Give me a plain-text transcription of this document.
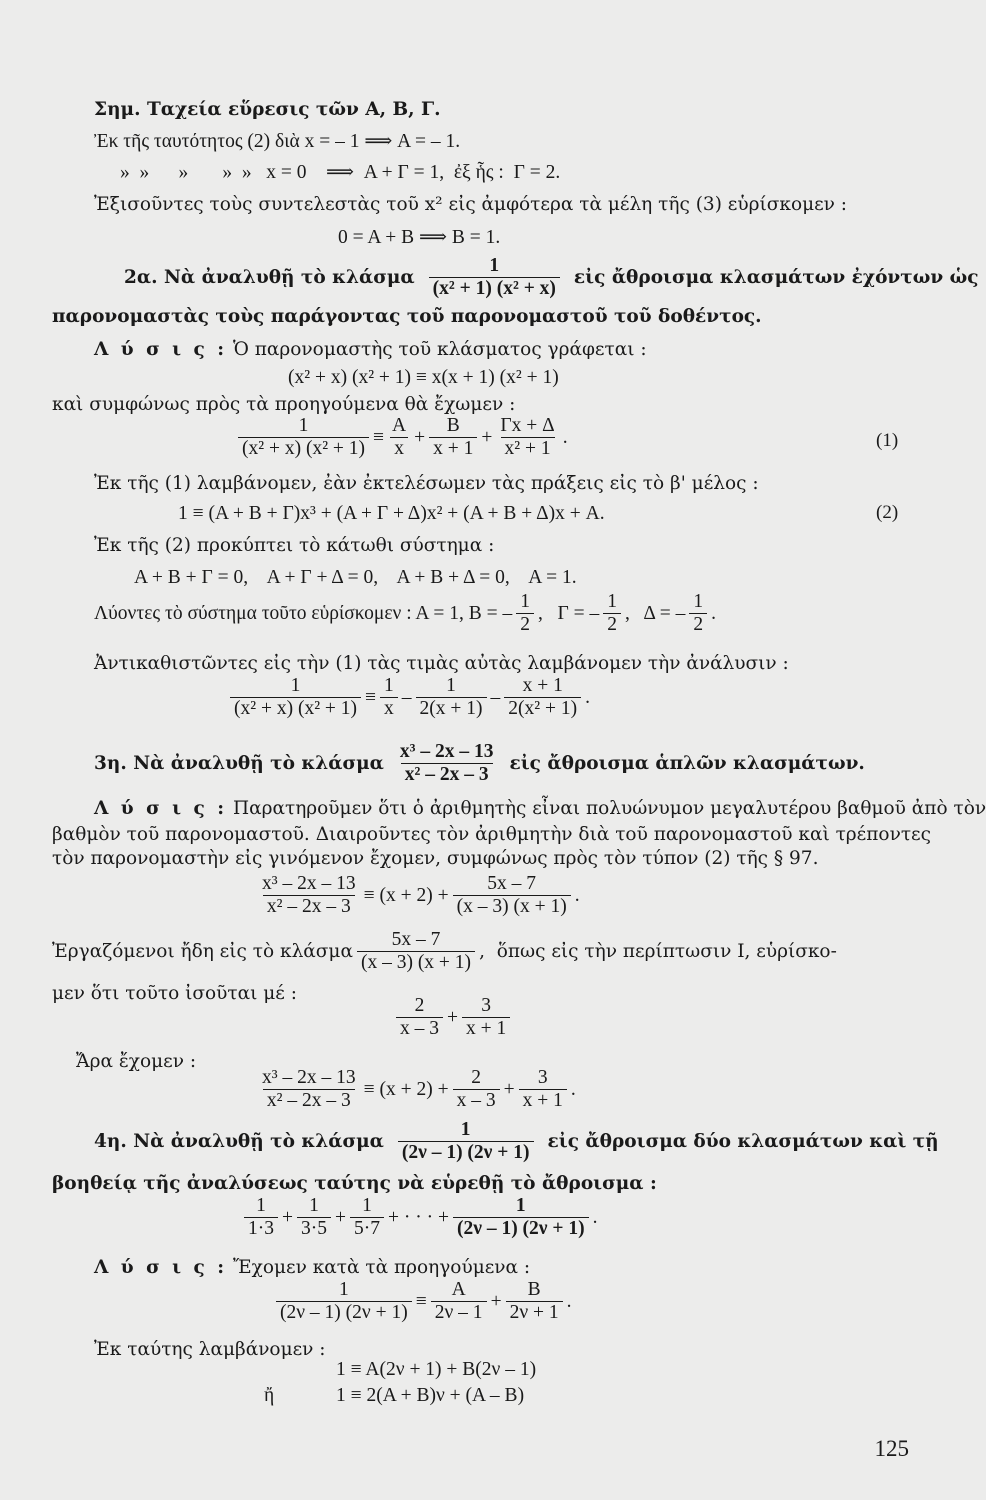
Σημ. Ταχεία εὕρεσις τῶν Α, Β, Γ.
Ἐκ τῆς ταυτότητος (2) διὰ x = – 1 ⟹ Α = – 1.
»  »      »       »  »   x = 0    ⟹  Α + Γ = 1,  ἐξ ἧς :  Γ = 2.
Ἐξισοῦντες τοὺς συντελεστὰς τοῦ x² εἰς ἀμφότερα τὰ μέλη τῆς (3) εὑρίσκομεν :
0 = Α + Β ⟹ Β = 1.
2α. Νὰ ἀναλυθῇ τὸ κλάσμα $\frac{1}{\text{(x² + 1) (x² + x)}}$ εἰς ἄθροισμα κλασμάτων ἐχόντων ὡς
παρονομαστὰς τοὺς παράγοντας τοῦ παρονομαστοῦ τοῦ δοθέντος.
Λ ύ σ ι ς : Ὁ παρονομαστὴς τοῦ κλάσματος γράφεται :
(x² + x) (x² + 1) ≡ x(x + 1) (x² + 1)
καὶ συμφώνως πρὸς τὰ προηγούμενα θὰ ἔχωμεν :
$\frac{1}{\text{(x² + x) (x² + 1)}} \equiv \frac{A}{x} + \frac{B}{x + 1} + \frac{\Gamma x + \Delta}{\text{x² + 1}}$ .	(1)
Ἐκ τῆς (1) λαμβάνομεν, ἐὰν ἐκτελέσωμεν τὰς πράξεις εἰς τὸ β' μέλος :
1 ≡ (Α + Β + Γ)x³ + (Α + Γ + Δ)x² + (Α + Β + Δ)x + Α.	(2)
Ἐκ τῆς (2) προκύπτει τὸ κάτωθι σύστημα :
Α + Β + Γ = 0,    Α + Γ + Δ = 0,    Α + Β + Δ = 0,    Α = 1.
Λύοντες τὸ σύστημα τοῦτο εὑρίσκομεν : Α = 1, Β = – $\frac{1}{2}$ ,   Γ = – $\frac{1}{2}$ ,   Δ = – $\frac{1}{2}$ .
Ἀντικαθιστῶντες εἰς τὴν (1) τὰς τιμὰς αὐτὰς λαμβάνομεν τὴν ἀνάλυσιν :
$\frac{1}{\text{(x² + x) (x² + 1)}} \equiv \frac{1}{x} - \frac{1}{2(x + 1)} - \frac{x + 1}{\text{2(x² + 1)}}$ .
3η. Νὰ ἀναλυθῇ τὸ κλάσμα $\frac{\text{x³ – 2x – 13}}{\text{x² – 2x – 3}}$ εἰς ἄθροισμα ἁπλῶν κλασμάτων.
Λ ύ σ ι ς : Παρατηροῦμεν ὅτι ὁ ἀριθμητὴς εἶναι πολυώνυμον μεγαλυτέρου βαθμοῦ ἀπὸ τὸν
βαθμὸν τοῦ παρονομαστοῦ. Διαιροῦντες τὸν ἀριθμητὴν διὰ τοῦ παρονομαστοῦ καὶ τρέποντες
τὸν παρονομαστὴν εἰς γινόμενον ἔχομεν, συμφώνως πρὸς τὸν τύπον (2) τῆς § 97.
$\frac{\text{x³ – 2x – 13}}{\text{x² – 2x – 3}} \equiv (x + 2) + \frac{5x - 7}{(x - 3) (x + 1)}$ .
Ἐργαζόμενοι ἤδη εἰς τὸ κλάσμα $\frac{5x - 7}{(x - 3) (x + 1)}$ ,  ὅπως εἰς τὴν περίπτωσιν Ι, εὑρίσκο-
μεν ὅτι τοῦτο ἰσοῦται μέ :
$\frac{2}{x - 3} + \frac{3}{x + 1}$
Ἄρα ἔχομεν :
$\frac{\text{x³ – 2x – 13}}{\text{x² – 2x – 3}} \equiv (x + 2) + \frac{2}{x - 3} + \frac{3}{x + 1}$ .
4η. Νὰ ἀναλυθῇ τὸ κλάσμα $\frac{1}{(2\nu - 1) (2\nu + 1)}$ εἰς ἄθροισμα δύο κλασμάτων καὶ τῇ
βοηθείᾳ τῆς ἀναλύσεως ταύτης νὰ εὑρεθῇ τὸ ἄθροισμα :
$\frac{1}{1\cdot 3} + \frac{1}{3\cdot 5} + \frac{1}{5\cdot 7}$ + · · · + $\frac{1}{(2\nu - 1) (2\nu + 1)}$ .
Λ ύ σ ι ς : Ἔχομεν κατὰ τὰ προηγούμενα :
$\frac{1}{(2\nu - 1) (2\nu + 1)} \equiv \frac{A}{2\nu - 1} + \frac{B}{2\nu + 1}$ .
Ἐκ ταύτης λαμβάνομεν :
1 ≡ Α(2ν + 1) + Β(2ν – 1)
ἤ	1 ≡ 2(Α + Β)ν + (Α – Β)
125
